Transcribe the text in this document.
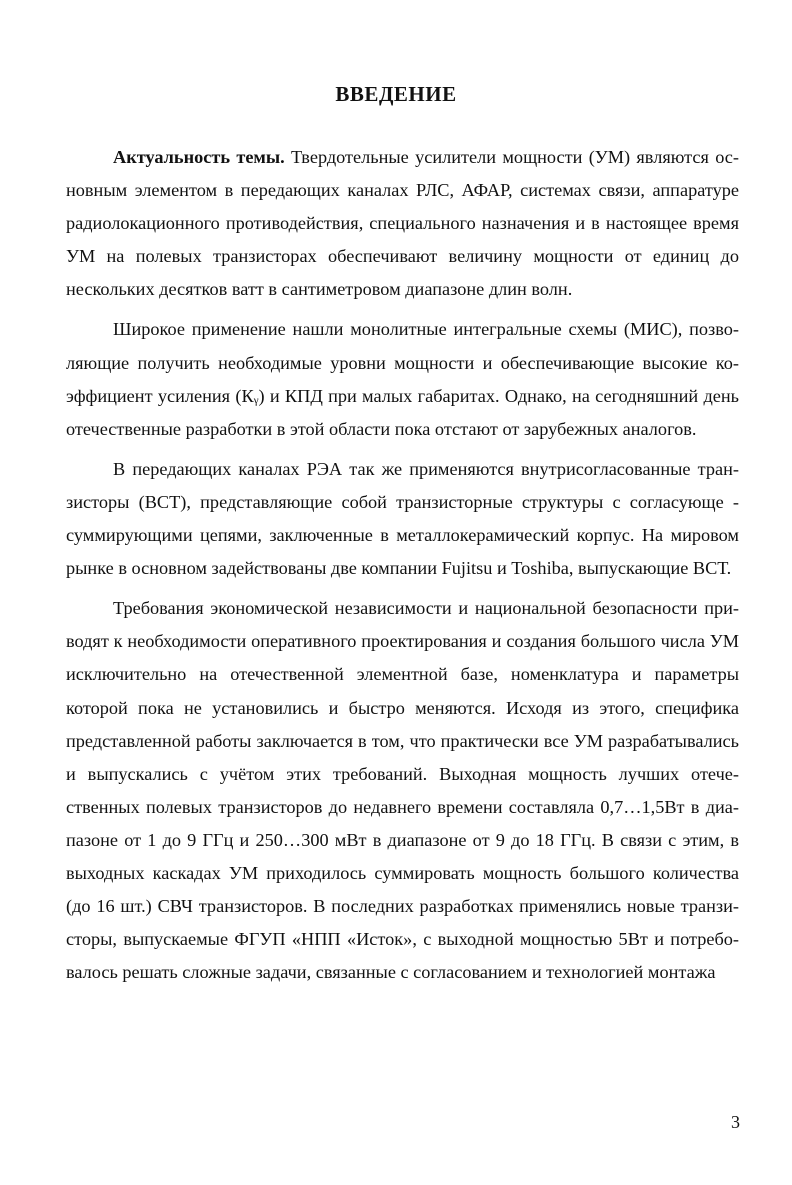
ВВЕДЕНИЕ

Актуальность темы. Твердотельные усилители мощности (УМ) являются основным элементом в передающих каналах РЛС, АФАР, системах связи, аппаратуре радиолокационного противодействия, специального назначения и в настоящее время УМ на полевых транзисторах обеспечивают величину мощности от единиц до нескольких десятков ватт в сантиметровом диапазоне длин волн.

Широкое применение нашли монолитные интегральные схемы (МИС), позволяющие получить необходимые уровни мощности и обеспечивающие высокие коэффициент усиления (Кᵧ) и КПД при малых габаритах. Однако, на сегодняшний день отечественные разработки в этой области пока отстают от зарубежных аналогов.

В передающих каналах РЭА так же применяются внутрисогласованные транзисторы (ВСТ), представляющие собой транзисторные структуры с согласующе - суммирующими цепями, заключенные в металлокерамический корпус. На мировом рынке в основном задействованы две компании Fujitsu и Toshiba, выпускающие ВСТ.

Требования экономической независимости и национальной безопасности приводят к необходимости оперативного проектирования и создания большого числа УМ исключительно на отечественной элементной базе, номенклатура и параметры которой пока не установились и быстро меняются. Исходя из этого, специфика представленной работы заключается в том, что практически все УМ разрабатывались и выпускались с учётом этих требований. Выходная мощность лучших отечественных полевых транзисторов до недавнего времени составляла 0,7…1,5Вт в диапазоне от 1 до 9 ГГц и 250…300 мВт в диапазоне от 9 до 18 ГГц. В связи с этим, в выходных каскадах УМ приходилось суммировать мощность большого количества (до 16 шт.) СВЧ транзисторов. В последних разработках применялись новые транзисторы, выпускаемые ФГУП «НПП «Исток», с выходной мощностью 5Вт и потребовалось решать сложные задачи, связанные с согласованием и технологией монтажа

3
